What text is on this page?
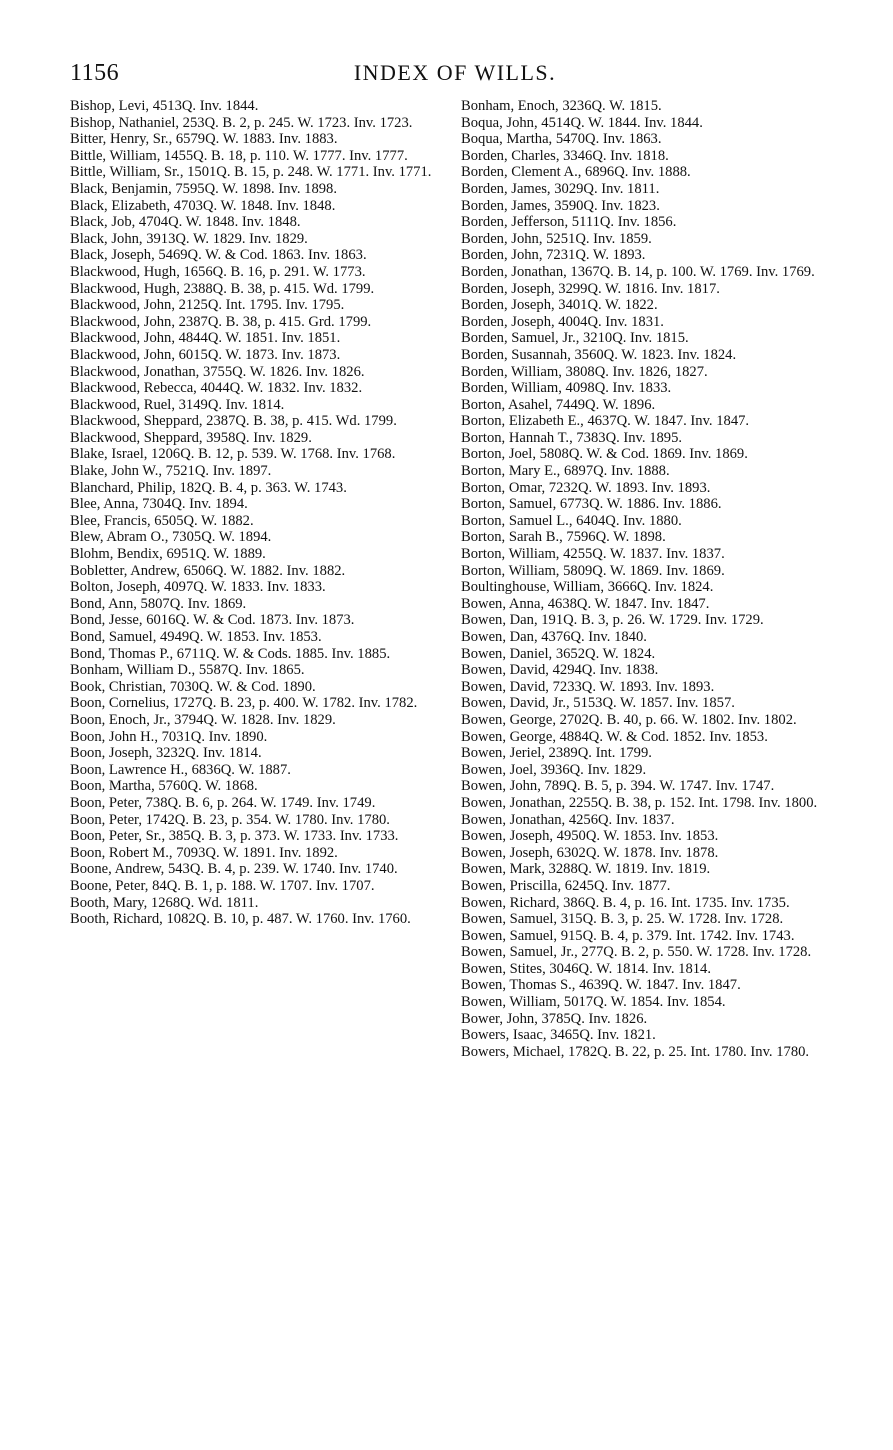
1156	INDEX OF WILLS.
Bishop, Levi, 4513Q. Inv. 1844.
Bishop, Nathaniel, 253Q. B. 2, p. 245. W. 1723. Inv. 1723.
Bitter, Henry, Sr., 6579Q. W. 1883. Inv. 1883.
Bittle, William, 1455Q. B. 18, p. 110. W. 1777. Inv. 1777.
Bittle, William, Sr., 1501Q. B. 15, p. 248. W. 1771. Inv. 1771.
Black, Benjamin, 7595Q. W. 1898. Inv. 1898.
Black, Elizabeth, 4703Q. W. 1848. Inv. 1848.
Black, Job, 4704Q. W. 1848. Inv. 1848.
Black, John, 3913Q. W. 1829. Inv. 1829.
Black, Joseph, 5469Q. W. & Cod. 1863. Inv. 1863.
Blackwood, Hugh, 1656Q. B. 16, p. 291. W. 1773.
Blackwood, Hugh, 2388Q. B. 38, p. 415. Wd. 1799.
Blackwood, John, 2125Q. Int. 1795. Inv. 1795.
Blackwood, John, 2387Q. B. 38, p. 415. Grd. 1799.
Blackwood, John, 4844Q. W. 1851. Inv. 1851.
Blackwood, John, 6015Q. W. 1873. Inv. 1873.
Blackwood, Jonathan, 3755Q. W. 1826. Inv. 1826.
Blackwood, Rebecca, 4044Q. W. 1832. Inv. 1832.
Blackwood, Ruel, 3149Q. Inv. 1814.
Blackwood, Sheppard, 2387Q. B. 38, p. 415. Wd. 1799.
Blackwood, Sheppard, 3958Q. Inv. 1829.
Blake, Israel, 1206Q. B. 12, p. 539. W. 1768. Inv. 1768.
Blake, John W., 7521Q. Inv. 1897.
Blanchard, Philip, 182Q. B. 4, p. 363. W. 1743.
Blee, Anna, 7304Q. Inv. 1894.
Blee, Francis, 6505Q. W. 1882.
Blew, Abram O., 7305Q. W. 1894.
Blohm, Bendix, 6951Q. W. 1889.
Bobletter, Andrew, 6506Q. W. 1882. Inv. 1882.
Bolton, Joseph, 4097Q. W. 1833. Inv. 1833.
Bond, Ann, 5807Q. Inv. 1869.
Bond, Jesse, 6016Q. W. & Cod. 1873. Inv. 1873.
Bond, Samuel, 4949Q. W. 1853. Inv. 1853.
Bond, Thomas P., 6711Q. W. & Cods. 1885. Inv. 1885.
Bonham, William D., 5587Q. Inv. 1865.
Book, Christian, 7030Q. W. & Cod. 1890.
Boon, Cornelius, 1727Q. B. 23, p. 400. W. 1782. Inv. 1782.
Boon, Enoch, Jr., 3794Q. W. 1828. Inv. 1829.
Boon, John H., 7031Q. Inv. 1890.
Boon, Joseph, 3232Q. Inv. 1814.
Boon, Lawrence H., 6836Q. W. 1887.
Boon, Martha, 5760Q. W. 1868.
Boon, Peter, 738Q. B. 6, p. 264. W. 1749. Inv. 1749.
Boon, Peter, 1742Q. B. 23, p. 354. W. 1780. Inv. 1780.
Boon, Peter, Sr., 385Q. B. 3, p. 373. W. 1733. Inv. 1733.
Boon, Robert M., 7093Q. W. 1891. Inv. 1892.
Boone, Andrew, 543Q. B. 4, p. 239. W. 1740. Inv. 1740.
Boone, Peter, 84Q. B. 1, p. 188. W. 1707. Inv. 1707.
Booth, Mary, 1268Q. Wd. 1811.
Booth, Richard, 1082Q. B. 10, p. 487. W. 1760. Inv. 1760.
Bonham, Enoch, 3236Q. W. 1815.
Boqua, John, 4514Q. W. 1844. Inv. 1844.
Boqua, Martha, 5470Q. Inv. 1863.
Borden, Charles, 3346Q. Inv. 1818.
Borden, Clement A., 6896Q. Inv. 1888.
Borden, James, 3029Q. Inv. 1811.
Borden, James, 3590Q. Inv. 1823.
Borden, Jefferson, 5111Q. Inv. 1856.
Borden, John, 5251Q. Inv. 1859.
Borden, John, 7231Q. W. 1893.
Borden, Jonathan, 1367Q. B. 14, p. 100. W. 1769. Inv. 1769.
Borden, Joseph, 3299Q. W. 1816. Inv. 1817.
Borden, Joseph, 3401Q. W. 1822.
Borden, Joseph, 4004Q. Inv. 1831.
Borden, Samuel, Jr., 3210Q. Inv. 1815.
Borden, Susannah, 3560Q. W. 1823. Inv. 1824.
Borden, William, 3808Q. Inv. 1826, 1827.
Borden, William, 4098Q. Inv. 1833.
Borton, Asahel, 7449Q. W. 1896.
Borton, Elizabeth E., 4637Q. W. 1847. Inv. 1847.
Borton, Hannah T., 7383Q. Inv. 1895.
Borton, Joel, 5808Q. W. & Cod. 1869. Inv. 1869.
Borton, Mary E., 6897Q. Inv. 1888.
Borton, Omar, 7232Q. W. 1893. Inv. 1893.
Borton, Samuel, 6773Q. W. 1886. Inv. 1886.
Borton, Samuel L., 6404Q. Inv. 1880.
Borton, Sarah B., 7596Q. W. 1898.
Borton, William, 4255Q. W. 1837. Inv. 1837.
Borton, William, 5809Q. W. 1869. Inv. 1869.
Boultinghouse, William, 3666Q. Inv. 1824.
Bowen, Anna, 4638Q. W. 1847. Inv. 1847.
Bowen, Dan, 191Q. B. 3, p. 26. W. 1729. Inv. 1729.
Bowen, Dan, 4376Q. Inv. 1840.
Bowen, Daniel, 3652Q. W. 1824.
Bowen, David, 4294Q. Inv. 1838.
Bowen, David, 7233Q. W. 1893. Inv. 1893.
Bowen, David, Jr., 5153Q. W. 1857. Inv. 1857.
Bowen, George, 2702Q. B. 40, p. 66. W. 1802. Inv. 1802.
Bowen, George, 4884Q. W. & Cod. 1852. Inv. 1853.
Bowen, Jeriel, 2389Q. Int. 1799.
Bowen, Joel, 3936Q. Inv. 1829.
Bowen, John, 789Q. B. 5, p. 394. W. 1747. Inv. 1747.
Bowen, Jonathan, 2255Q. B. 38, p. 152. Int. 1798. Inv. 1800.
Bowen, Jonathan, 4256Q. Inv. 1837.
Bowen, Joseph, 4950Q. W. 1853. Inv. 1853.
Bowen, Joseph, 6302Q. W. 1878. Inv. 1878.
Bowen, Mark, 3288Q. W. 1819. Inv. 1819.
Bowen, Priscilla, 6245Q. Inv. 1877.
Bowen, Richard, 386Q. B. 4, p. 16. Int. 1735. Inv. 1735.
Bowen, Samuel, 315Q. B. 3, p. 25. W. 1728. Inv. 1728.
Bowen, Samuel, 915Q. B. 4, p. 379. Int. 1742. Inv. 1743.
Bowen, Samuel, Jr., 277Q. B. 2, p. 550. W. 1728. Inv. 1728.
Bowen, Stites, 3046Q. W. 1814. Inv. 1814.
Bowen, Thomas S., 4639Q. W. 1847. Inv. 1847.
Bowen, William, 5017Q. W. 1854. Inv. 1854.
Bower, John, 3785Q. Inv. 1826.
Bowers, Isaac, 3465Q. Inv. 1821.
Bowers, Michael, 1782Q. B. 22, p. 25. Int. 1780. Inv. 1780.
